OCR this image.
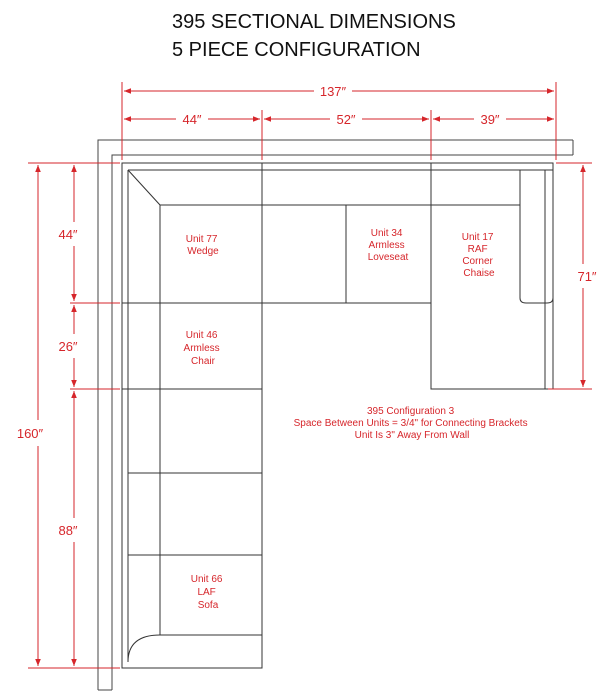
395 SECTIONAL DIMENSIONS
5 PIECE CONFIGURATION
137″
44″	52″	39″
160″
44″
26″
88″
71″
Unit 77 Wedge
Unit 34 Armless Loveseat
Unit 17 RAF Corner Chaise
Unit 46 Armless Chair
Unit 66 LAF Sofa
395 Configuration 3 Space Between Units = 3/4" for Connecting Brackets Unit Is 3" Away From Wall
